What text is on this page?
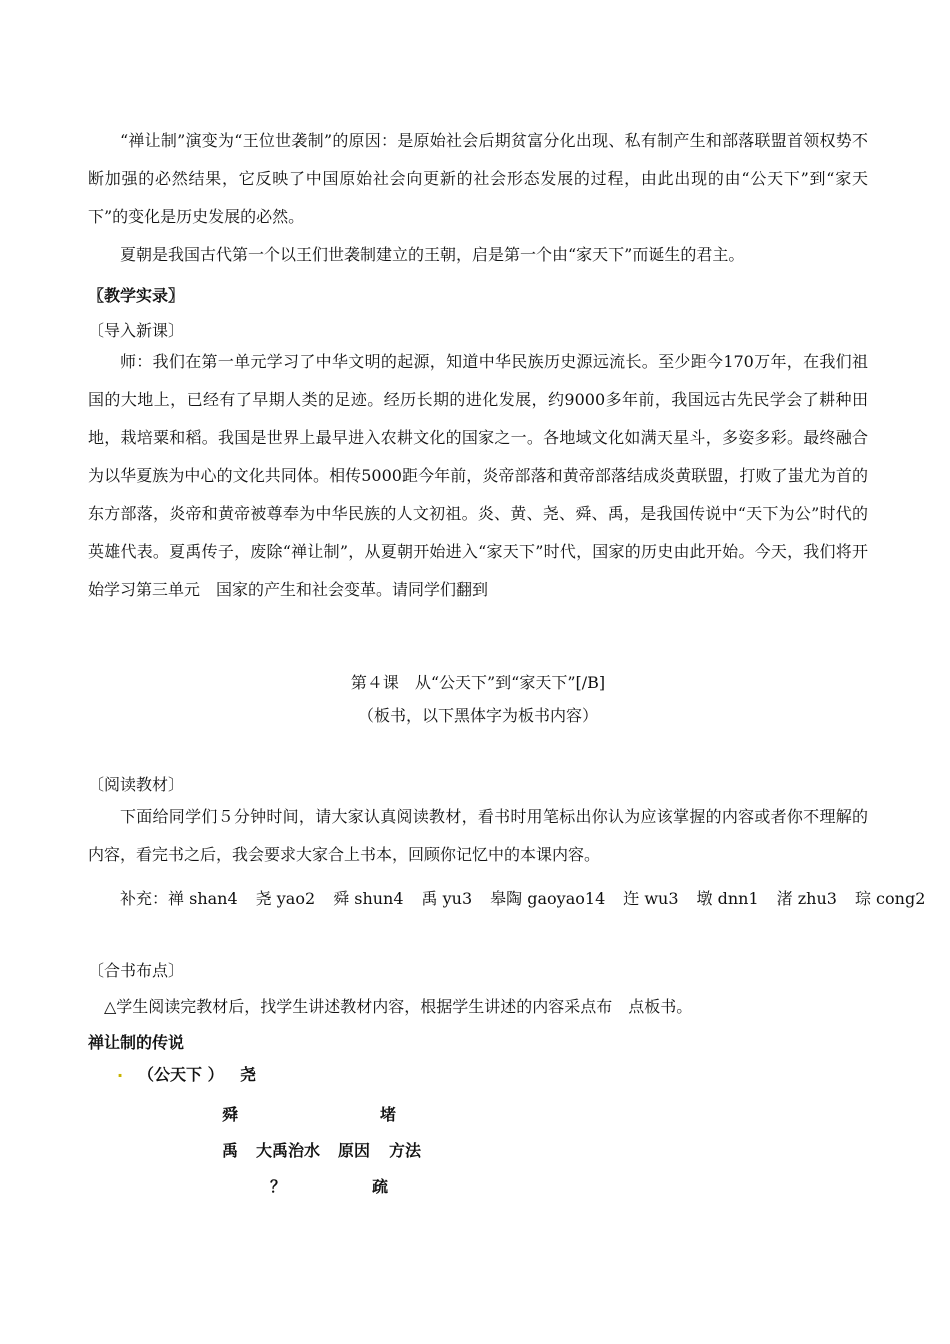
“禅让制”演变为“王位世袭制”的原因：是原始社会后期贫富分化出现、私有制产生和部落联盟首领权势不断加强的必然结果，它反映了中国原始社会向更新的社会形态发展的过程，由此出现的由“公天下”到“家天下”的变化是历史发展的必然。

夏朝是我国古代第一个以王们世袭制建立的王朝，启是第一个由“家天下”而诞生的君主。

〖教学实录〗

〔导入新课〕

师：我们在第一单元学习了中华文明的起源，知道中华民族历史源远流长。至少距今170万年，在我们祖国的大地上，已经有了早期人类的足迹。经历长期的进化发展，约9000多年前，我国远古先民学会了耕种田地，栽培粟和稻。我国是世界上最早进入农耕文化的国家之一。各地域文化如满天星斗，多姿多彩。最终融合为以华夏族为中心的文化共同体。相传5000距今年前，炎帝部落和黄帝部落结成炎黄联盟，打败了蚩尤为首的东方部落，炎帝和黄帝被尊奉为中华民族的人文初祖。炎、黄、尧、舜、禹，是我国传说中“天下为公”时代的英雄代表。夏禹传子，废除“禅让制”，从夏朝开始进入“家天下”时代，国家的历史由此开始。今天，我们将开始学习第三单元　国家的产生和社会变革。请同学们翻到

第４课　从“公天下”到“家天下”[/B]

（板书，以下黑体字为板书内容）

〔阅读教材〕

下面给同学们５分钟时间，请大家认真阅读教材，看书时用笔标出你认为应该掌握的内容或者你不理解的内容，看完书之后，我会要求大家合上书本，回顾你记忆中的本课内容。

补充：禅 shan4 尧 yao2 舜 shun4 禹 yu3 皋陶 gaoyao14 迕 wu3 墩 dnn1 渚 zhu3 琮 cong2

〔合书布点〕

△学生阅读完教材后，找学生讲述教材内容，根据学生讲述的内容采点布　点板书。

禅让制的传说

. （公天下 ） 尧
舜	堵
禹 大禹治水 原因 方法
？	疏
